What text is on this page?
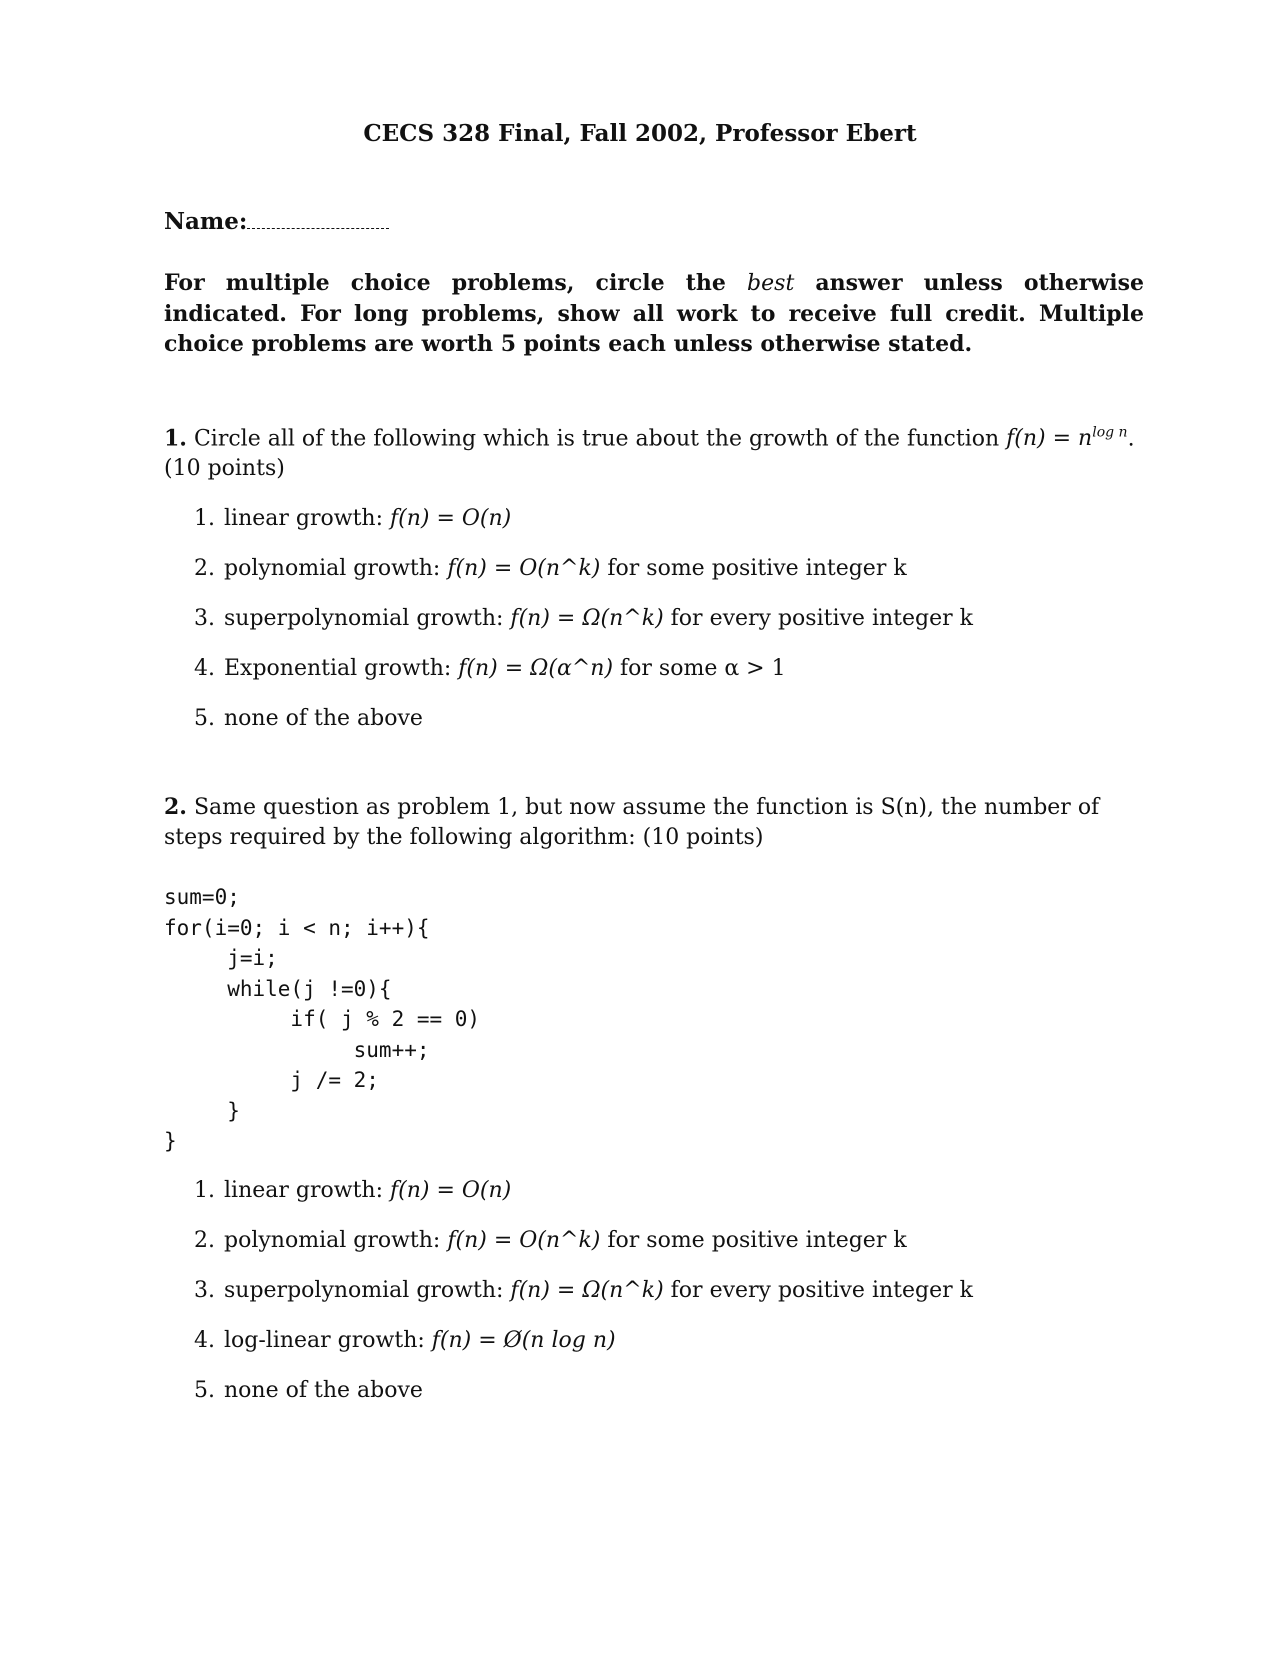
CECS 328 Final, Fall 2002, Professor Ebert
Name:
For multiple choice problems, circle the best answer unless otherwise indicated. For long problems, show all work to receive full credit. Multiple choice problems are worth 5 points each unless otherwise stated.
1. Circle all of the following which is true about the growth of the function $f(n) = n^{log n}$.
(10 points)
1. linear growth: f(n) = O(n)
2. polynomial growth: f(n) = O(n^k) for some positive integer k
3. superpolynomial growth: f(n) = Ω(n^k) for every positive integer k
4. Exponential growth: f(n) = Ω(α^n) for some α > 1
5. none of the above
2. Same question as problem 1, but now assume the function is S(n), the number of steps required by the following algorithm: (10 points)
sum=0;
for(i=0; i < n; i++){
j=i;
while(j !=0){
if( j % 2 == 0)
sum++;
j /= 2;
}
}
1. linear growth: f(n) = O(n)
2. polynomial growth: f(n) = O(n^k) for some positive integer k
3. superpolynomial growth: f(n) = Ω(n^k) for every positive integer k
4. log-linear growth: f(n) = Ø(n log n)
5. none of the above
